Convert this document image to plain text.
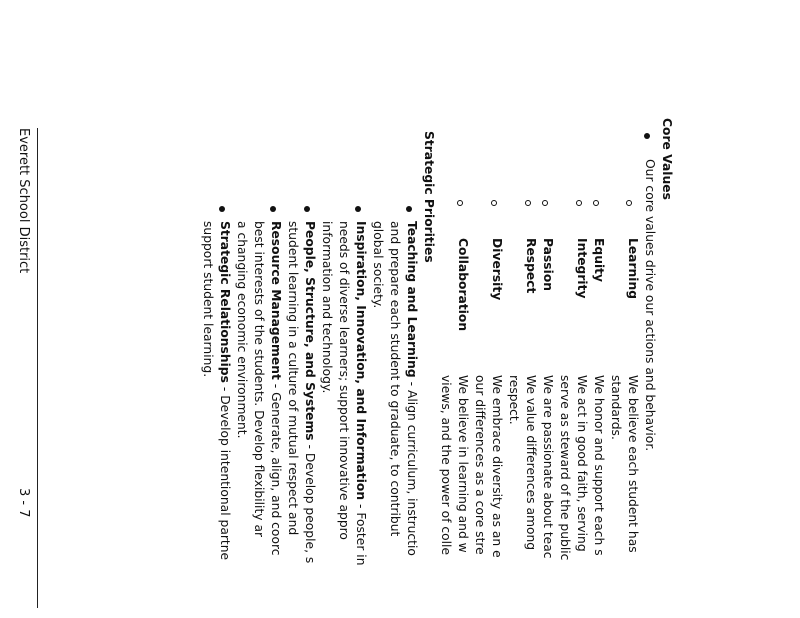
Core Values
Our core values drive our actions and behavior.
Learning
We believe each student has
standards.
Equity
We honor and support each s
Integrity
We act in good faith, serving
serve as steward of the public
Passion
We are passionate about teac
Respect
We value differences among
respect.
Diversity
We embrace diversity as an e
our differences as a core stre
Collaboration
We believe in learning and w
views, and the power of colle
Strategic Priorities
Teaching and Learning - Align curriculum, instructio
and prepare each student to graduate, to contribut
global society.
Inspiration, Innovation, and Information - Foster in
needs of diverse learners; support innovative appro
information and technology.
People, Structure, and Systems - Develop people, s
student learning in a culture of mutual respect and
Resource Management - Generate, align, and coorc
best interests of the students. Develop flexibility ar
a changing economic environment.
Strategic Relationships - Develop intentional partne
support student learning.
Everett School District
3 - 7
